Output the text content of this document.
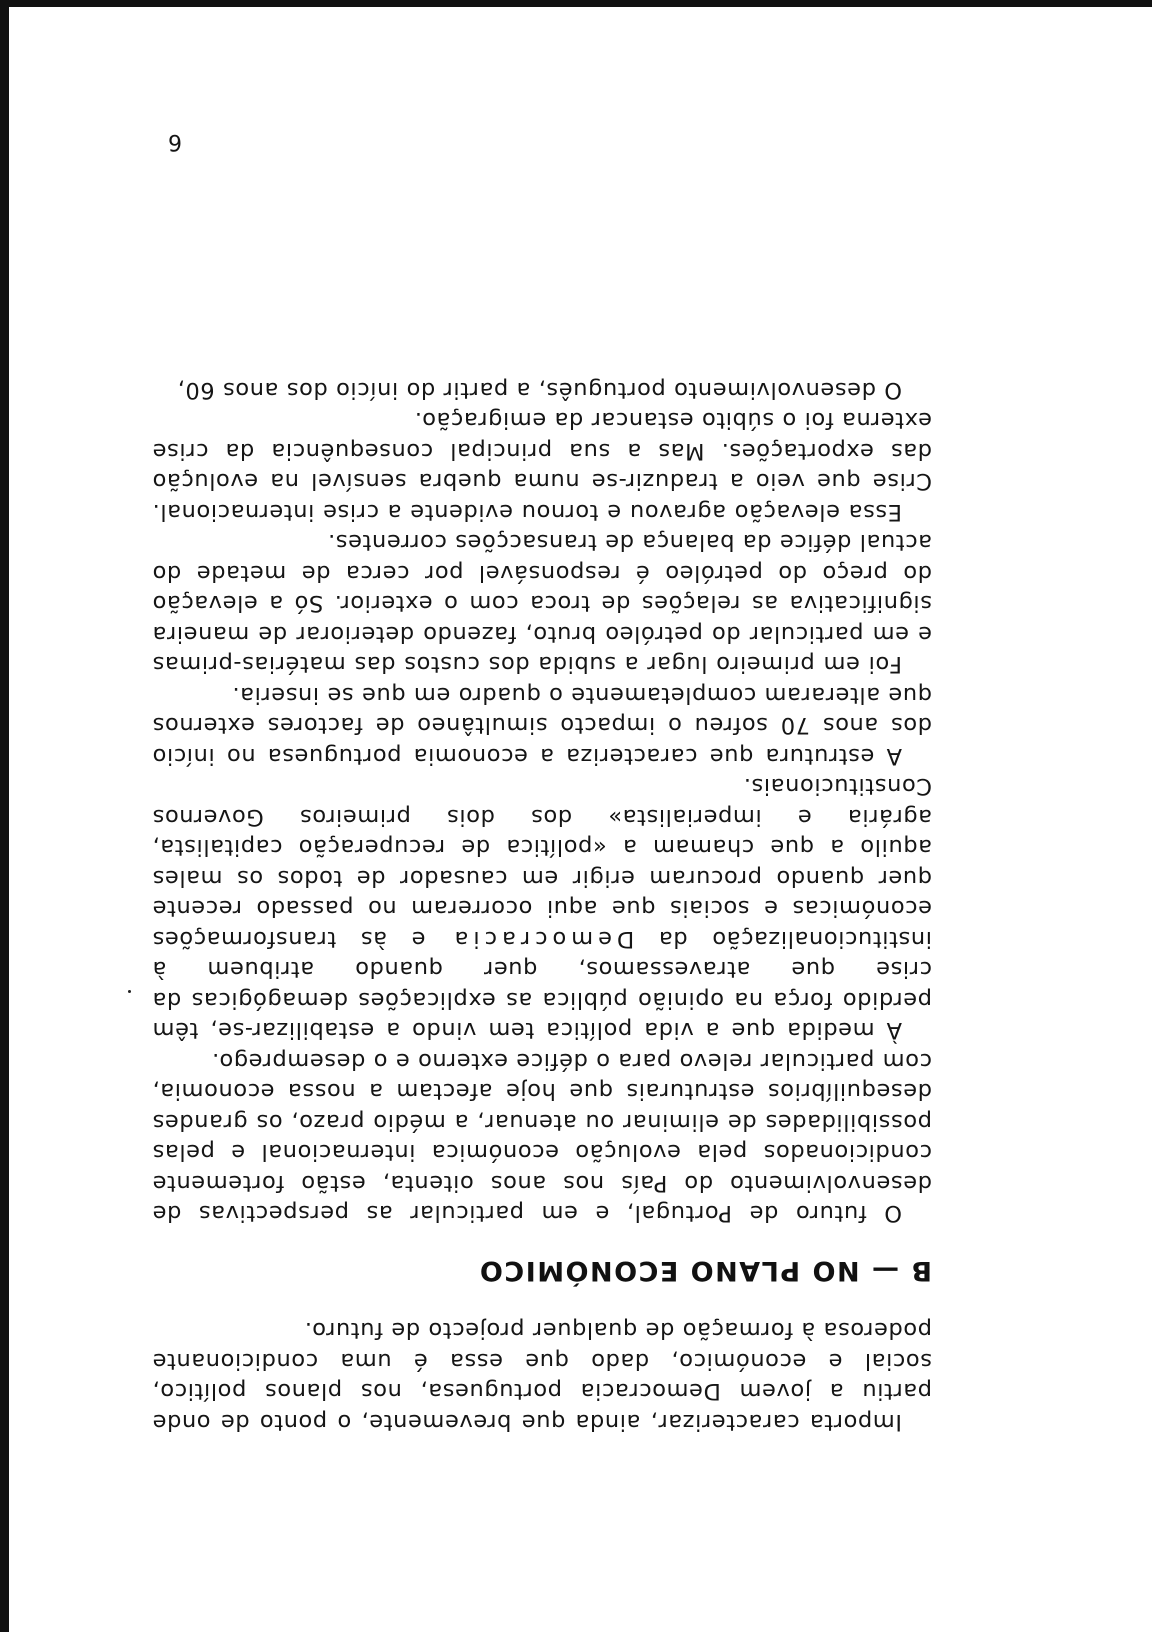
Importa caracterizar, ainda que brevemente, o ponto de onde partiu a jovem Democracia portuguesa, nos planos político, social e económico, dado que essa é uma condicionante poderosa à formação de qualquer projecto de futuro.

B — NO PLANO ECONÓMICO

O futuro de Portugal, e em particular as perspectivas de desenvolvimento do País nos anos oitenta, estão fortemente condicionados pela evolução económica internacional e pelas possibilidades de eliminar ou atenuar, a médio prazo, os grandes desequilíbrios estruturais que hoje afectam a nossa economia, com particular relevo para o défice externo e o desemprego.

À medida que a vida política tem vindo a estabilizar-se, têm perdido força na opinião pública as explicações demagógicas da crise que atravessamos, quer quando atribuem à institucionalização da Democracia e às transformações económicas e sociais que aqui ocorreram no passado recente quer quando procuram erigir em causador de todos os males aquilo a que chamam a «política de recuperação capitalista, agrária e imperialista» dos dois primeiros Governos Constitucionais.

A estrutura que caracteriza a economia portuguesa no início dos anos 70 sofreu o impacto simultâneo de factores externos que alteraram completamente o quadro em que se inseria.

Foi em primeiro lugar a subida dos custos das matérias-primas e em particular do petróleo bruto, fazendo deteriorar de maneira significativa as relações de troca com o exterior. Só a elevação do preço do petróleo é responsável por cerca de metade do actual défice da balança de transacções correntes.

Essa elevação agravou e tornou evidente a crise internacional. Crise que veio a traduzir-se numa quebra sensível na evolução das exportações. Mas a sua principal consequência da crise externa foi o súbito estancar da emigração.

O desenvolvimento português, a partir do início dos anos 60,

6
